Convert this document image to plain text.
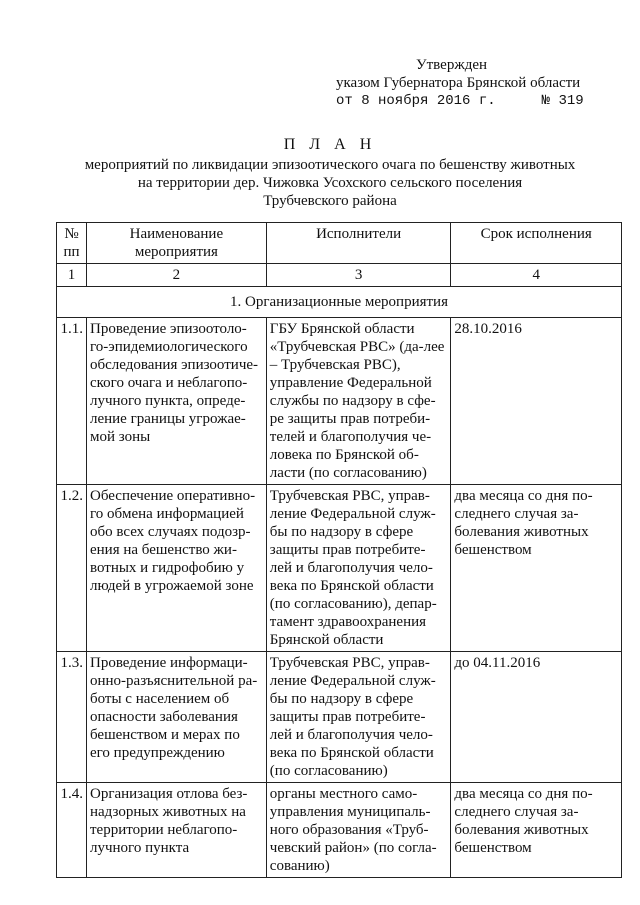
Утвержден
указом Губернатора Брянской области
от 8 ноября 2016 г.	№ 319
П Л А Н
мероприятий по ликвидации эпизоотического очага по бешенству животных
на территории дер. Чижовка Усохского сельского поселения
Трубчевского района
№ пп	Наименование мероприятия	Исполнители	Срок исполнения
1	2	3	4
1. Организационные мероприятия			
1.1.	Проведение эпизоотоло-го-эпидемиологического обследования эпизоотиче-ского очага и неблагопо-лучного пункта, опреде-ление границы угрожае-мой зоны	ГБУ Брянской области «Трубчевская РВС» (да-лее – Трубчевская РВС), управление Федеральной службы по надзору в сфе-ре защиты прав потреби-телей и благополучия че-ловека по Брянской об-ласти (по согласованию)	28.10.2016
1.2.	Обеспечение оперативно-го обмена информацией обо всех случаях подозр-ения на бешенство жи-вотных и гидрофобию у людей в угрожаемой зоне	Трубчевская РВС, управ-ление Федеральной служ-бы по надзору в сфере защиты прав потребите-лей и благополучия чело-века по Брянской области (по согласованию), депар-тамент здравоохранения Брянской области	два месяца со дня по-следнего случая за-болевания животных бешенством
1.3.	Проведение информаци-онно-разъяснительной ра-боты с населением об опасности заболевания бешенством и мерах по его предупреждению	Трубчевская РВС, управ-ление Федеральной служ-бы по надзору в сфере защиты прав потребите-лей и благополучия чело-века по Брянской области (по согласованию)	до 04.11.2016
1.4.	Организация отлова без-надзорных животных на территории неблагопо-лучного пункта	органы местного само-управления муниципаль-ного образования «Труб-чевский район» (по согла-сованию)	два месяца со дня по-следнего случая за-болевания животных бешенством
